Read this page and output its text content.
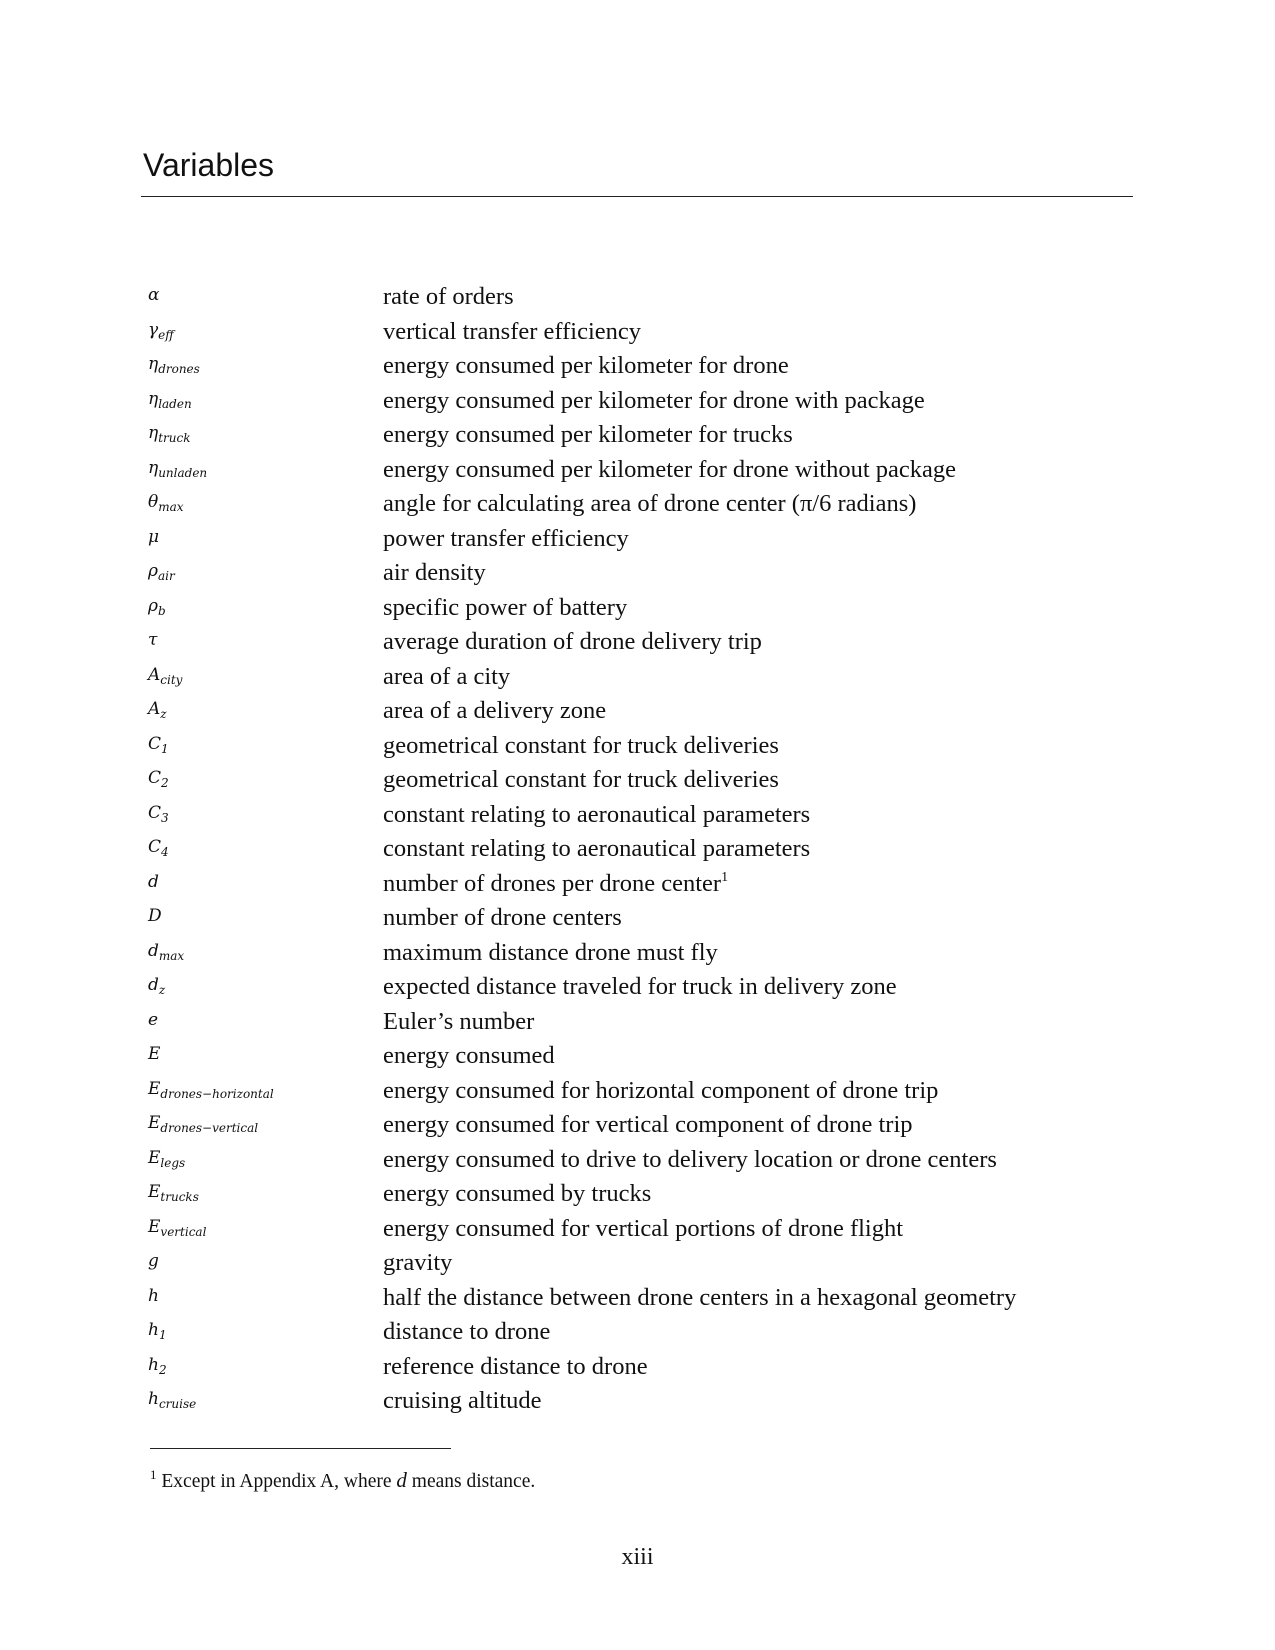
Variables
α	rate of orders
$\gamma_{eff}$	vertical transfer efficiency
$\eta_{drones}$	energy consumed per kilometer for drone
$\eta_{laden}$	energy consumed per kilometer for drone with package
$\eta_{truck}$	energy consumed per kilometer for trucks
$\eta_{unladen}$	energy consumed per kilometer for drone without package
$\theta_{max}$	angle for calculating area of drone center (π/6 radians)
μ	power transfer efficiency
$\rho_{air}$	air density
$\rho_b$	specific power of battery
τ	average duration of drone delivery trip
$A_{city}$	area of a city
$A_z$	area of a delivery zone
$C_1$	geometrical constant for truck deliveries
$C_2$	geometrical constant for truck deliveries
$C_3$	constant relating to aeronautical parameters
$C_4$	constant relating to aeronautical parameters
d	number of drones per drone center$^1$
D	number of drone centers
$d_{max}$	maximum distance drone must fly
$d_z$	expected distance traveled for truck in delivery zone
e	Euler’s number
E	energy consumed
$E_{drones-horizontal}$	energy consumed for horizontal component of drone trip
$E_{drones-vertical}$	energy consumed for vertical component of drone trip
$E_{legs}$	energy consumed to drive to delivery location or drone centers
$E_{trucks}$	energy consumed by trucks
$E_{vertical}$	energy consumed for vertical portions of drone flight
g	gravity
h	half the distance between drone centers in a hexagonal geometry
$h_1$	distance to drone
$h_2$	reference distance to drone
$h_{cruise}$	cruising altitude
$^1$ Except in Appendix A, where d means distance.
xiii
